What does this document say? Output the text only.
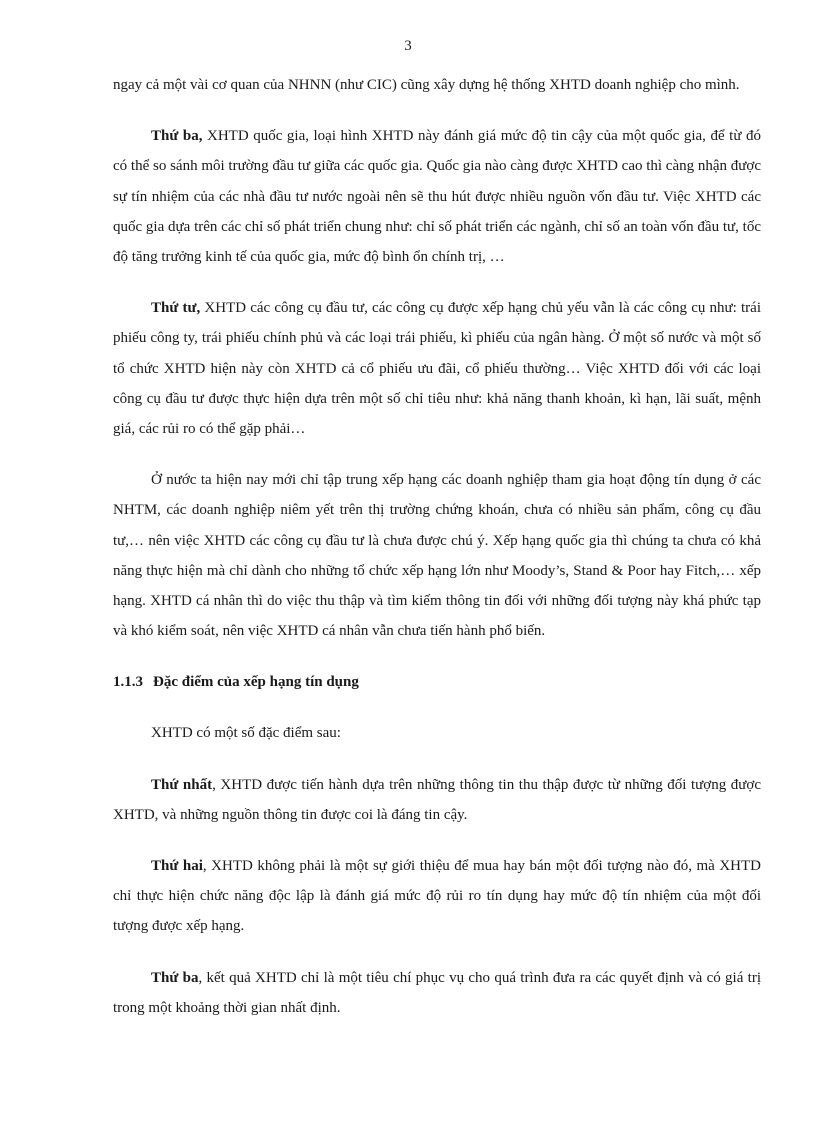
3

ngay cả một vài cơ quan của NHNN (như CIC) cũng xây dựng hệ thống XHTD doanh nghiệp cho mình.

Thứ ba, XHTD quốc gia, loại hình XHTD này đánh giá mức độ tin cậy của một quốc gia, để từ đó có thể so sánh môi trường đầu tư giữa các quốc gia. Quốc gia nào càng được XHTD cao thì càng nhận được sự tín nhiệm của các nhà đầu tư nước ngoài nên sẽ thu hút được nhiều nguồn vốn đầu tư. Việc XHTD các quốc gia dựa trên các chỉ số phát triển chung như: chỉ số phát triển các ngành, chỉ số an toàn vốn đầu tư, tốc độ tăng trưởng kinh tế của quốc gia, mức độ bình ổn chính trị, …

Thứ tư, XHTD các công cụ đầu tư, các công cụ được xếp hạng chủ yếu vẫn là các công cụ như: trái phiếu công ty, trái phiếu chính phủ và các loại trái phiếu, kì phiếu của ngân hàng. Ở một số nước và một số tổ chức XHTD hiện này còn XHTD cả cổ phiếu ưu đãi, cổ phiếu thường… Việc XHTD đối với các loại công cụ đầu tư được thực hiện dựa trên một số chỉ tiêu như: khả năng thanh khoản, kì hạn, lãi suất, mệnh giá, các rủi ro có thể gặp phải…

Ở nước ta hiện nay mới chỉ tập trung xếp hạng các doanh nghiệp tham gia hoạt động tín dụng ở các NHTM, các doanh nghiệp niêm yết trên thị trường chứng khoán, chưa có nhiều sản phẩm, công cụ đầu tư,… nên việc XHTD các công cụ đầu tư là chưa được chú ý. Xếp hạng quốc gia thì chúng ta chưa có khả năng thực hiện mà chỉ dành cho những tổ chức xếp hạng lớn như Moody’s, Stand & Poor hay Fitch,… xếp hạng. XHTD cá nhân thì do việc thu thập và tìm kiếm thông tin đối với những đối tượng này khá phức tạp và khó kiểm soát, nên việc XHTD cá nhân vẫn chưa tiến hành phổ biến.

1.1.3 Đặc điểm của xếp hạng tín dụng

XHTD có một số đặc điểm sau:

Thứ nhất, XHTD được tiến hành dựa trên những thông tin thu thập được từ những đối tượng được XHTD, và những nguồn thông tin được coi là đáng tin cậy.

Thứ hai, XHTD không phải là một sự giới thiệu để mua hay bán một đối tượng nào đó, mà XHTD chỉ thực hiện chức năng độc lập là đánh giá mức độ rủi ro tín dụng hay mức độ tín nhiệm của một đối tượng được xếp hạng.

Thứ ba, kết quả XHTD chỉ là một tiêu chí phục vụ cho quá trình đưa ra các quyết định và có giá trị trong một khoảng thời gian nhất định.
